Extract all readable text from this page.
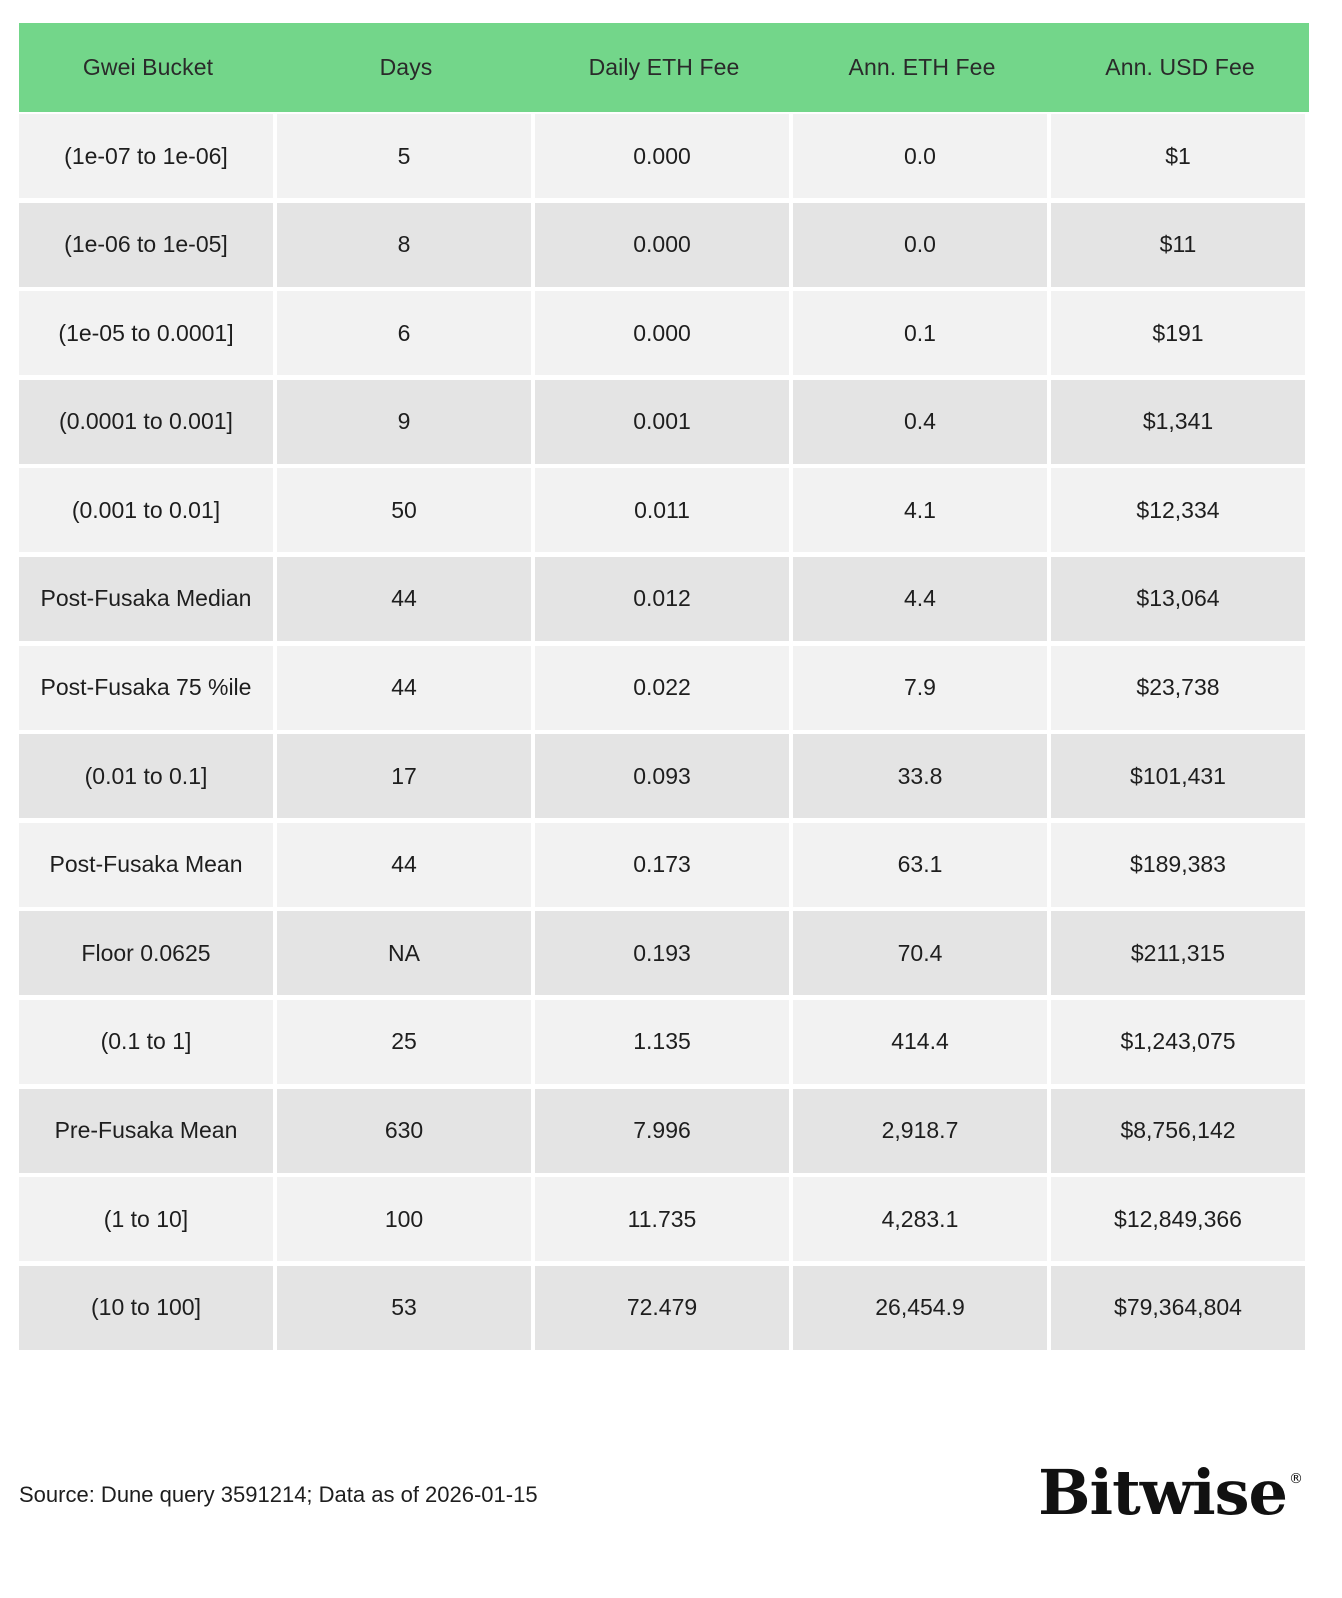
Gwei Bucket	Days	Daily ETH Fee	Ann. ETH Fee	Ann. USD Fee
(1e-07 to 1e-06]	5	0.000	0.0	$1
(1e-06 to 1e-05]	8	0.000	0.0	$11
(1e-05 to 0.0001]	6	0.000	0.1	$191
(0.0001 to 0.001]	9	0.001	0.4	$1,341
(0.001 to 0.01]	50	0.011	4.1	$12,334
Post-Fusaka Median	44	0.012	4.4	$13,064
Post-Fusaka 75 %ile	44	0.022	7.9	$23,738
(0.01 to 0.1]	17	0.093	33.8	$101,431
Post-Fusaka Mean	44	0.173	63.1	$189,383
Floor 0.0625	NA	0.193	70.4	$211,315
(0.1 to 1]	25	1.135	414.4	$1,243,075
Pre-Fusaka Mean	630	7.996	2,918.7	$8,756,142
(1 to 10]	100	11.735	4,283.1	$12,849,366
(10 to 100]	53	72.479	26,454.9	$79,364,804
Source: Dune query 3591214; Data as of 2026-01-15	Bitwise ®
